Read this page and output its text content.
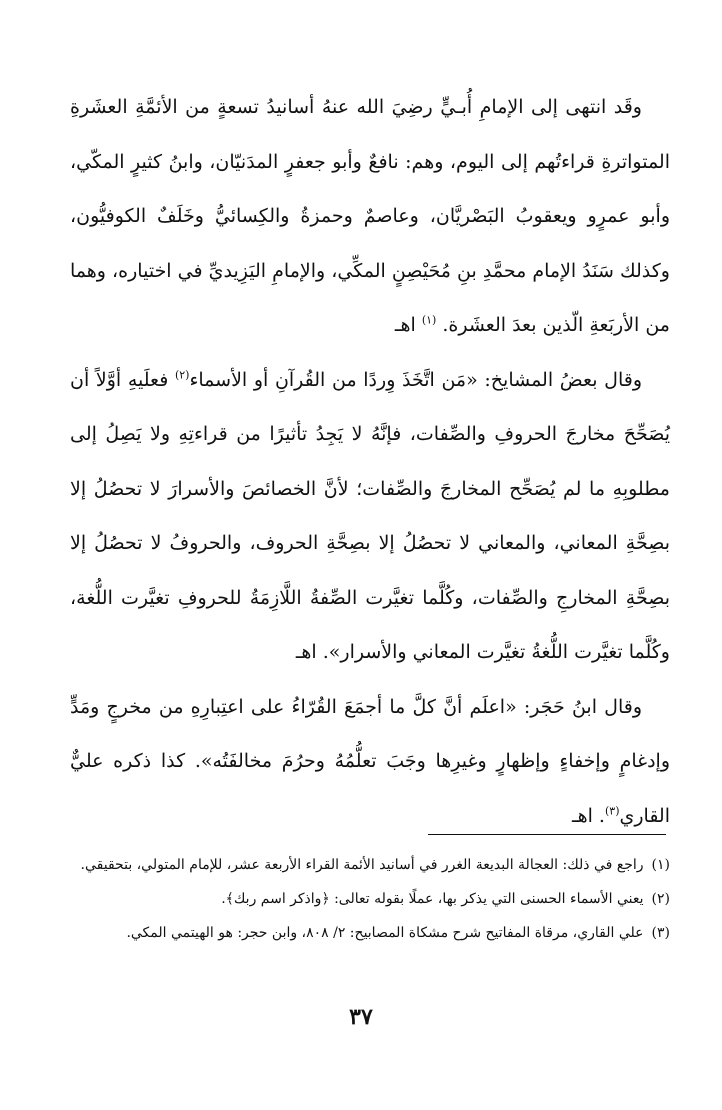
وقَد انتهى إلى الإمامِ أُبـيٍّ رضِيَ الله عنهُ أسانيدُ تسعةٍ من الأئمَّةِ العشَرةِ المتواترةِ قراءتُهم إلى اليوم، وهم: نافعٌ وأبو جعفرٍ المدَنيّان، وابنُ كثيرٍ المكّي، وأبو عمرٍو ويعقوبُ البَصْريَّان، وعاصمٌ وحمزةُ والكِسائيُّ وخَلَفٌ الكوفيُّون، وكذلك سَنَدُ الإمام محمَّدِ بنِ مُحَيْصِنٍ المكِّي، والإمامِ اليَزِيديِّ في اختياره، وهما من الأربَعةِ الّذين بعدَ العشَرة. $^{(١)}$ اهـ

وقال بعضُ المشايخ: «مَن اتَّخَذَ وِردًا من القُرآنِ أو الأسماء$^{(٢)}$ فعلَيهِ أوَّلاً أن يُصَحِّحَ مخارجَ الحروفِ والصِّفات، فإنَّهُ لا يَجِدُ تأثيرًا من قراءتِهِ ولا يَصِلُ إلى مطلوبِهِ ما لم يُصَحِّح المخارجَ والصِّفات؛ لأنَّ الخصائصَ والأسرارَ لا تحصُلُ إلا بصِحَّةِ المعاني، والمعاني لا تحصُلُ إلا بصِحَّةِ الحروف، والحروفُ لا تحصُلُ إلا بصِحَّةِ المخارجِ والصِّفات، وكُلَّما تغيَّرت الصِّفةُ اللَّازِمَةُ للحروفِ تغيَّرت اللُّغة، وكُلَّما تغيَّرت اللُّغةُ تغيَّرت المعاني والأسرار». اهـ

وقال ابنُ حَجَر: «اعلَم أنَّ كلَّ ما أجمَعَ القُرّاءُ على اعتِبارِهِ من مخرجٍ ومَدٍّ وإدغامٍ وإخفاءٍ وإظهارٍ وغيرِها وجَبَ تعلُّمُهُ وحرُمَ مخالفَتُه». كذا ذكره عليٌّ القاري$^{(٣)}$. اهـ

(١)راجع في ذلك: العجالة البديعة الغرر في أسانيد الأئمة القراء الأربعة عشر، للإمام المتولي، بتحقيقي.

(٢)يعني الأسماء الحسنى التي يذكر بها، عملًا بقوله تعالى: ﴿واذكر اسم ربك﴾.

(٣)علي القاري، مرقاة المفاتيح شرح مشكاة المصابيح: ٢/ ٨٠٨، وابن حجر: هو الهيتمي المكي.

٣٧
